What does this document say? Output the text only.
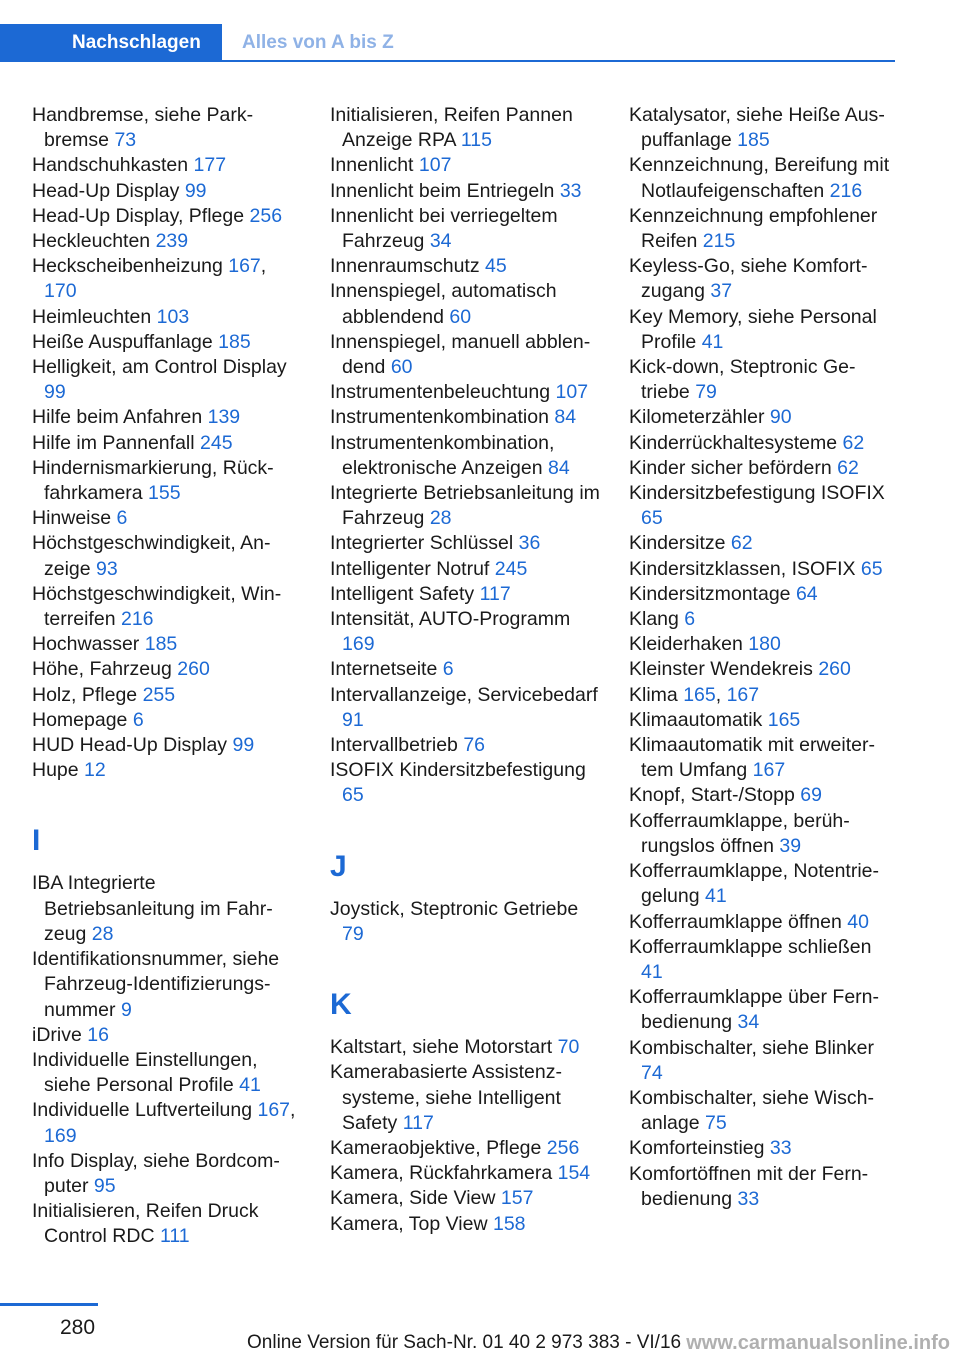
Nachschlagen	Alles von A bis Z
Handbremse, siehe Parkbremse 73
Handschuhkasten 177
Head-Up Display 99
Head-Up Display, Pflege 256
Heckleuchten 239
Heckscheibenheizung 167, 170
Heimleuchten 103
Heiße Auspuffanlage 185
Helligkeit, am Control Display 99
Hilfe beim Anfahren 139
Hilfe im Pannenfall 245
Hindernismarkierung, Rückfahrkamera 155
Hinweise 6
Höchstgeschwindigkeit, Anzeige 93
Höchstgeschwindigkeit, Winterreifen 216
Hochwasser 185
Höhe, Fahrzeug 260
Holz, Pflege 255
Homepage 6
HUD Head-Up Display 99
Hupe 12
I
IBA Integrierte Betriebsanleitung im Fahrzeug 28
Identifikationsnummer, siehe Fahrzeug-Identifizierungsnummer 9
iDrive 16
Individuelle Einstellungen, siehe Personal Profile 41
Individuelle Luftverteilung 167, 169
Info Display, siehe Bordcomputer 95
Initialisieren, Reifen Druck Control RDC 111
Initialisieren, Reifen Pannen Anzeige RPA 115
Innenlicht 107
Innenlicht beim Entriegeln 33
Innenlicht bei verriegeltem Fahrzeug 34
Innenraumschutz 45
Innenspiegel, automatisch abblendend 60
Innenspiegel, manuell abblendend 60
Instrumentenbeleuchtung 107
Instrumentenkombination 84
Instrumentenkombination, elektronische Anzeigen 84
Integrierte Betriebsanleitung im Fahrzeug 28
Integrierter Schlüssel 36
Intelligenter Notruf 245
Intelligent Safety 117
Intensität, AUTO-Programm 169
Internetseite 6
Intervallanzeige, Servicebedarf 91
Intervallbetrieb 76
ISOFIX Kindersitzbefestigung 65
J
Joystick, Steptronic Getriebe 79
K
Kaltstart, siehe Motorstart 70
Kamerabasierte Assistenzsysteme, siehe Intelligent Safety 117
Kameraobjektive, Pflege 256
Kamera, Rückfahrkamera 154
Kamera, Side View 157
Kamera, Top View 158
Katalysator, siehe Heiße Auspuffanlage 185
Kennzeichnung, Bereifung mit Notlaufeigenschaften 216
Kennzeichnung empfohlener Reifen 215
Keyless-Go, siehe Komfortzugang 37
Key Memory, siehe Personal Profile 41
Kick-down, Steptronic Getriebe 79
Kilometerzähler 90
Kinderrückhaltesysteme 62
Kinder sicher befördern 62
Kindersitzbefestigung ISOFIX 65
Kindersitze 62
Kindersitzklassen, ISOFIX 65
Kindersitzmontage 64
Klang 6
Kleiderhaken 180
Kleinster Wendekreis 260
Klima 165, 167
Klimaautomatik 165
Klimaautomatik mit erweitertem Umfang 167
Knopf, Start-/Stopp 69
Kofferraumklappe, berührungslos öffnen 39
Kofferraumklappe, Notentriegelung 41
Kofferraumklappe öffnen 40
Kofferraumklappe schließen 41
Kofferraumklappe über Fernbedienung 34
Kombischalter, siehe Blinker 74
Kombischalter, siehe Wischanlage 75
Komforteinstieg 33
Komfortöffnen mit der Fernbedienung 33
280
Online Version für Sach-Nr. 01 40 2 973 383 - VI/16 www.carmanualsonline.info
